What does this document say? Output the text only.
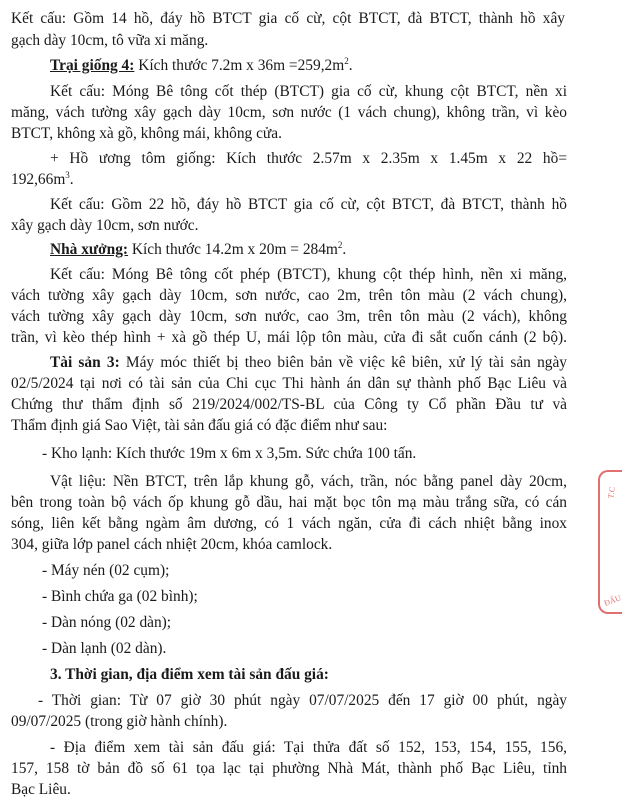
Kết cấu: Gồm 14 hồ, đáy hồ BTCT gia cố cừ, cột BTCT, đà BTCT, thành hồ xây
gạch dày 10cm, tô vữa xi măng.
Trại giống 4: Kích thước 7.2m x $36m =259,2m^2$.
Kết cấu: Móng Bê tông cốt thép (BTCT) gia cố cừ, khung cột BTCT, nền xi
măng, vách tường xây gạch dày 10cm, sơn nước (1 vách chung), không trần, vì kèo
BTCT, không xà gồ, không mái, không cửa.
+ Hồ ương tôm giống: Kích thước 2.57m x 2.35m x 1.45m x 22 hồ=
$192,66m^3$.
Kết cấu: Gồm 22 hồ, đáy hồ BTCT gia cố cừ, cột BTCT, đà BTCT, thành hồ
xây gạch dày 10cm, sơn nước.
Nhà xưởng: Kích thước 14.2m x $20m = 284m^2$.
Kết cấu: Móng Bê tông cốt phép (BTCT), khung cột thép hình, nền xi măng,
vách tường xây gạch dày 10cm, sơn nước, cao 2m, trên tôn màu (2 vách chung),
vách tường xây gạch dày 10cm, sơn nước, cao 3m, trên tôn màu (2 vách), không
trần, vì kèo thép hình + xà gồ thép U, mái lộp tôn màu, cửa đi sắt cuốn cánh (2 bộ).
Tài sản 3: Máy móc thiết bị theo biên bản về việc kê biên, xử lý tài sản ngày
02/5/2024 tại nơi có tài sản của Chi cục Thi hành án dân sự thành phố Bạc Liêu và
Chứng thư thẩm định số 219/2024/002/TS-BL của Công ty Cổ phần Đầu tư và
Thẩm định giá Sao Việt, tài sản đấu giá có đặc điểm như sau:
- Kho lạnh: Kích thước 19m x 6m x 3,5m. Sức chứa 100 tấn.
Vật liệu: Nền BTCT, trên lắp khung gỗ, vách, trần, nóc bằng panel dày 20cm,
bên trong toàn bộ vách ốp khung gỗ dầu, hai mặt bọc tôn mạ màu trắng sữa, có cán
sóng, liên kết bằng ngàm âm dương, có 1 vách ngăn, cửa đi cách nhiệt bằng inox
304, giữa lớp panel cách nhiệt 20cm, khóa camlock.
- Máy nén (02 cụm);
- Bình chứa ga (02 bình);
- Dàn nóng (02 dàn);
- Dàn lạnh (02 dàn).
3. Thời gian, địa điểm xem tài sản đấu giá:
- Thời gian: Từ 07 giờ 30 phút ngày 07/07/2025 đến 17 giờ 00 phút, ngày
09/07/2025 (trong giờ hành chính).
- Địa điểm xem tài sản đấu giá: Tại thửa đất số 152, 153, 154, 155, 156,
157, 158 tờ bản đồ số 61 tọa lạc tại phường Nhà Mát, thành phố Bạc Liêu, tỉnh
Bạc Liêu.
T.C
ĐẤU
